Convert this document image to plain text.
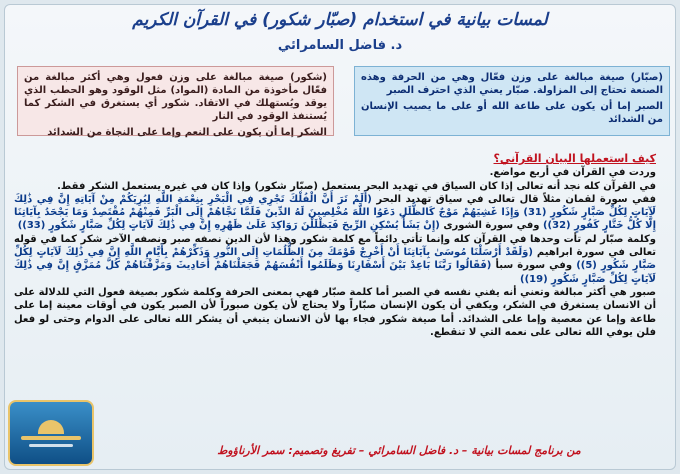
لمسات بيانية في استخدام (صبّار شكور) في القرآن الكريم
د. فاضل السامرائي

(صبّار) صيغة مبالغة على وزن فعّال وهي من الحرفة وهذه الصنعة تحتاج إلى المزاولة. صبّار يعني الذي احترف الصبر

الصبر إما أن يكون على طاعة الله أو على ما يصيب الإنسان من الشدائد

(شكور) صيغة مبالغة على وزن فعول وهي أكثر مبالغة من فعّال مأخوذة من المادة (المواد) مثل الوقود وهو الحطب الذي يوقد ويُستهلك في الاتقاد. شكور أي يستغرق في الشكر كما يُستنفذ الوقود في النار

الشكر إما أن يكون على النعم وإما على النجاة من الشدائد

كيف استعملها البيان القرآني؟

وردت في القرآن في أربع مواضع.

في القرآن كله نجد أنه تعالى إذا كان السياق في تهديد البحر يستعمل (صبّار شكور) وإذا كان في غيره يستعمل الشكر فقط.

ففي سورة لقمان مثلاً قال تعالى في سياق تهديد البحر (أَلَمْ تَرَ أَنَّ الْفُلْكَ تَجْرِي فِي الْبَحْرِ بِنِعْمَةِ اللَّهِ لِيُرِيَكُمْ مِنْ آيَاتِهِ إِنَّ فِي ذَٰلِكَ لَآيَاتٍ لِكُلِّ صَبَّارٍ شَكُورٍ (31) وَإِذَا غَشِيَهُمْ مَوْجٌ كَالظُّلَلِ دَعَوُا اللَّهَ مُخْلِصِينَ لَهُ الدِّينَ فَلَمَّا نَجَّاهُمْ إِلَى الْبَرِّ فَمِنْهُمْ مُقْتَصِدٌ وَمَا يَجْحَدُ بِآيَاتِنَا إِلَّا كُلُّ خَتَّارٍ كَفُورٍ (32)) وفي سورة الشورى (إِنْ يَشَأْ يُسْكِنِ الرِّيحَ فَيَظْلَلْنَ رَوَاكِدَ عَلَىٰ ظَهْرِهِ إِنَّ فِي ذَٰلِكَ لَآيَاتٍ لِكُلِّ صَبَّارٍ شَكُورٍ (33))

وكلمة صبّار لم تأت وحدها في القرآن كله وإنما تأتي دائماً مع كلمة شكور وهذا لأن الدين نصفه صبر ونصفه الآخر شكر كما في قوله تعالى في سورة ابراهيم (وَلَقَدْ أَرْسَلْنَا مُوسَىٰ بِآيَاتِنَا أَنْ أَخْرِجْ قَوْمَكَ مِنَ الظُّلُمَاتِ إِلَى النُّورِ وَذَكِّرْهُمْ بِأَيَّامِ اللَّهِ إِنَّ فِي ذَٰلِكَ لَآيَاتٍ لِكُلِّ صَبَّارٍ شَكُورٍ (5)) وفي سورة سبأ (فَقَالُوا رَبَّنَا بَاعِدْ بَيْنَ أَسْفَارِنَا وَظَلَمُوا أَنْفُسَهُمْ فَجَعَلْنَاهُمْ أَحَادِيثَ وَمَزَّقْنَاهُمْ كُلَّ مُمَزَّقٍ إِنَّ فِي ذَٰلِكَ لَآيَاتٍ لِكُلِّ صَبَّارٍ شَكُورٍ (19))

صبور هي أكثر مبالغة وتعني أنه يفني نفسه في الصبر أما كلمة صبّار فهي بمعنى الحرفة وكلمة شكور بصيغة فعول التي للدلالة على أن الانسان يستغرق في الشكر، ويكفي أن يكون الإنسان صبّاراً ولا يحتاج لأن يكون صبوراً لأن الصبر يكون في أوقات معينة إما على طاعة وإما عن معصية وإما على الشدائد. أما صيغة شكور فجاء بها لأن الانسان ينبغي أن يشكر الله تعالى على الدوام وحتى لو فعل فلن يوفي الله تعالى على نعمه التي لا تنقطع.

من برنامج لمسات بيانية – د. فاضل السامرائي – تفريغ وتصميم: سمر الأرناؤوط
